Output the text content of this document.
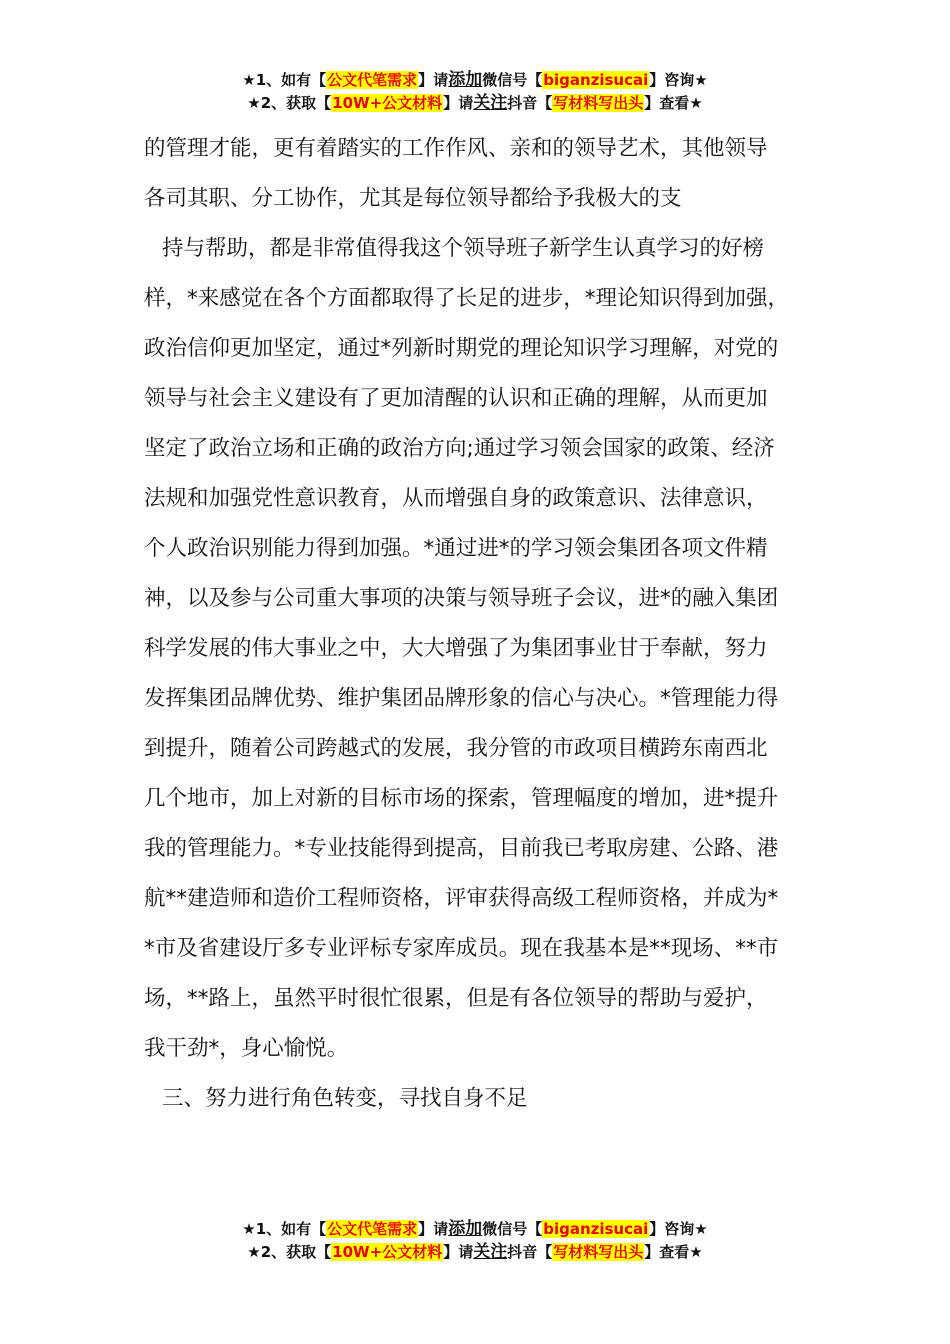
★1、如有【公文代笔需求】请添加微信号【biganzisucai】咨询★
★2、获取【10W+公文材料】请关注抖音【写材料写出头】查看★
的管理才能，更有着踏实的工作作风、亲和的领导艺术，其他领导
各司其职、分工协作，尤其是每位领导都给予我极大的支
持与帮助，都是非常值得我这个领导班子新学生认真学习的好榜
样，*来感觉在各个方面都取得了长足的进步，*理论知识得到加强，
政治信仰更加坚定，通过*列新时期党的理论知识学习理解，对党的
领导与社会主义建设有了更加清醒的认识和正确的理解，从而更加
坚定了政治立场和正确的政治方向;通过学习领会国家的政策、经济
法规和加强党性意识教育，从而增强自身的政策意识、法律意识，
个人政治识别能力得到加强。*通过进*的学习领会集团各项文件精
神，以及参与公司重大事项的决策与领导班子会议，进*的融入集团
科学发展的伟大事业之中，大大增强了为集团事业甘于奉献，努力
发挥集团品牌优势、维护集团品牌形象的信心与决心。*管理能力得
到提升，随着公司跨越式的发展，我分管的市政项目横跨东南西北
几个地市，加上对新的目标市场的探索，管理幅度的增加，进*提升
我的管理能力。*专业技能得到提高，目前我已考取房建、公路、港
航**建造师和造价工程师资格，评审获得高级工程师资格，并成为*
*市及省建设厅多专业评标专家库成员。现在我基本是**现场、**市
场，**路上，虽然平时很忙很累，但是有各位领导的帮助与爱护，
我干劲*，身心愉悦。
三、努力进行角色转变，寻找自身不足
★1、如有【公文代笔需求】请添加微信号【biganzisucai】咨询★
★2、获取【10W+公文材料】请关注抖音【写材料写出头】查看★
